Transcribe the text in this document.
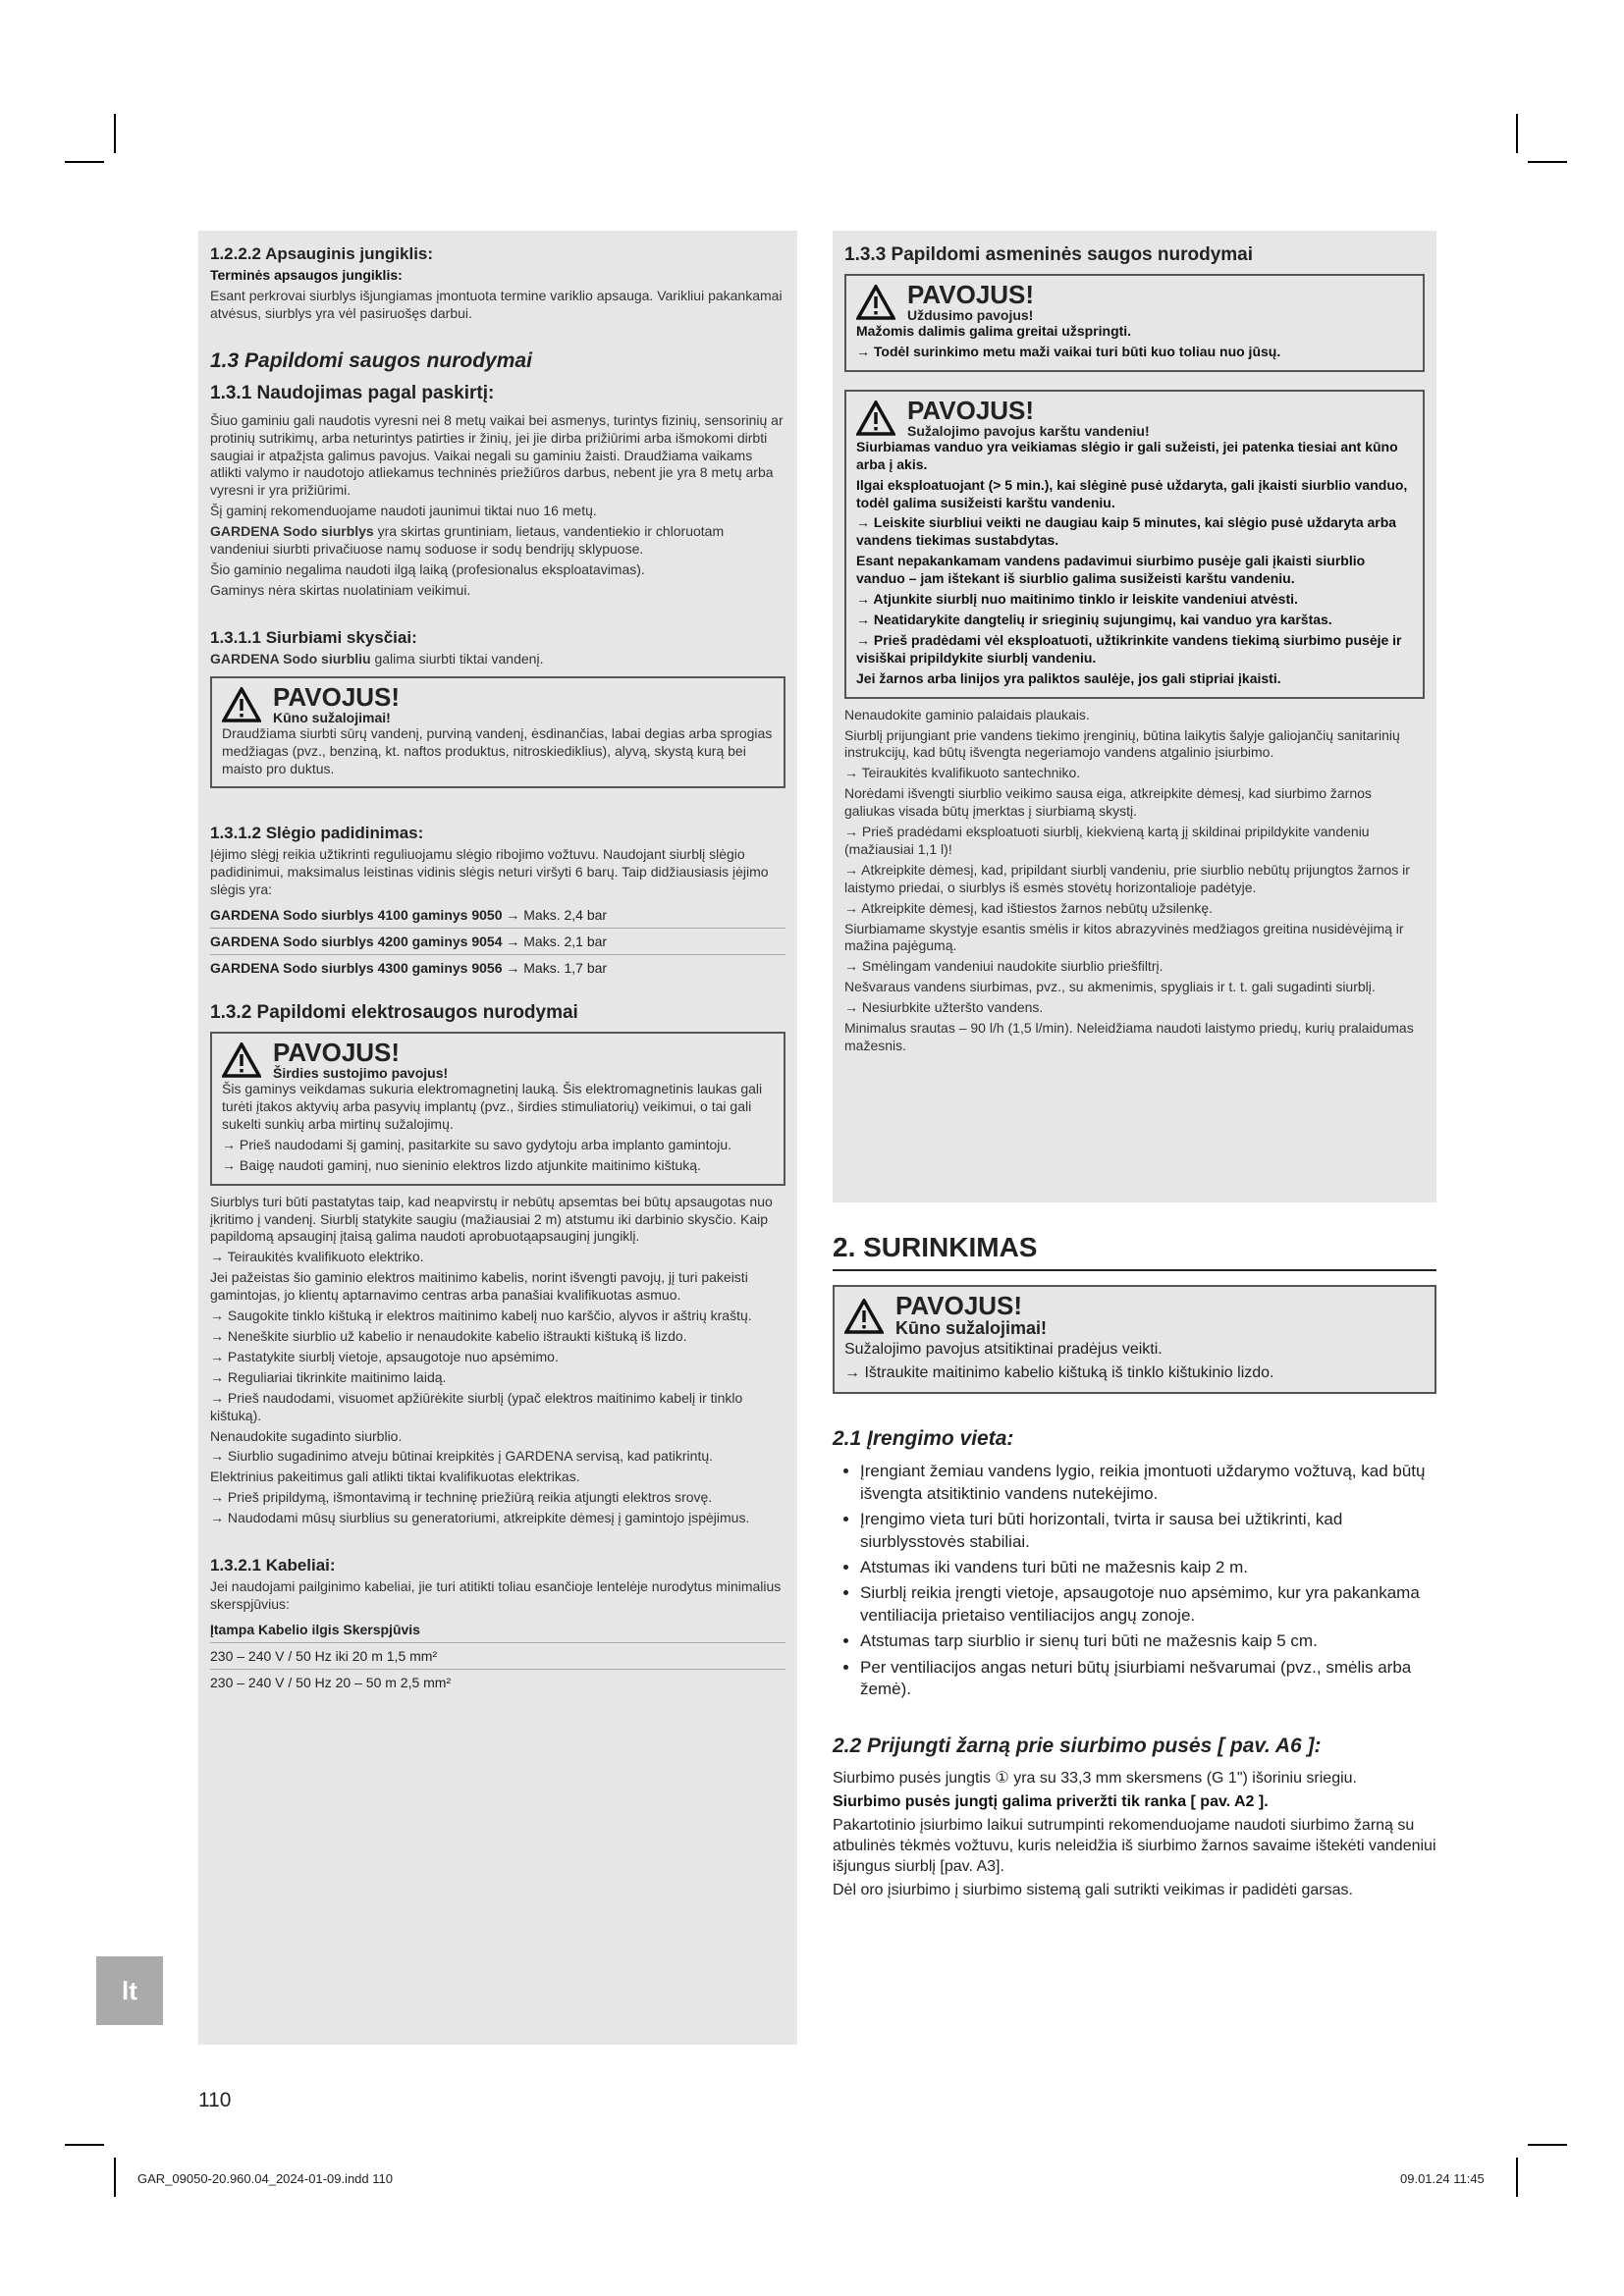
1.2.2.2 Apsauginis jungiklis:

Terminės apsaugos jungiklis:

Esant perkrovai siurblys išjungiamas įmontuota termine variklio apsauga. Varikliui pakankamai atvėsus, siurblys yra vėl pasiruošęs darbui.

1.3 Papildomi saugos nurodymai

1.3.1 Naudojimas pagal paskirtį:

Šiuo gaminiu gali naudotis vyresni nei 8 metų vaikai bei asmenys, turintys fizinių, sensorinių ar protinių sutrikimų, arba neturintys patirties ir žinių, jei jie dirba prižiūrimi arba išmokomi dirbti saugiai ir atpažįsta galimus pavojus. Vaikai negali su gaminiu žaisti. Draudžiama vaikams atlikti valymo ir naudotojo atliekamus techninės priežiūros darbus, nebent jie yra 8 metų arba vyresni ir yra prižiūrimi.

Šį gaminį rekomenduojame naudoti jaunimui tiktai nuo 16 metų.

GARDENA Sodo siurblys yra skirtas gruntiniam, lietaus, vandentiekio ir chloruotam vandeniui siurbti privačiuose namų soduose ir sodų bendrijų sklypuose.

Šio gaminio negalima naudoti ilgą laiką (profesionalus eksploatavimas).

Gaminys nėra skirtas nuolatiniam veikimui.

1.3.1.1 Siurbiami skysčiai:

GARDENA Sodo siurbliu galima siurbti tiktai vandenį.

PAVOJUS!
Kūno sužalojimai!

Draudžiama siurbti sūrų vandenį, purviną vandenį, ėsdinančias, labai degias arba sprogias medžiagas (pvz., benziną, kt. naftos produktus, nitroskiediklius), alyvą, skystą kurą bei maisto pro duktus.

1.3.1.2 Slėgio padidinimas:

Įėjimo slėgį reikia užtikrinti reguliuojamu slėgio ribojimo vožtuvu. Naudojant siurblį slėgio padidinimui, maksimalus leistinas vidinis slėgis neturi viršyti 6 barų. Taip didžiausiasis įėjimo slėgis yra:

GARDENA Sodo siurblys 4100 gaminys 9050 → Maks. 2,4 bar

GARDENA Sodo siurblys 4200 gaminys 9054 → Maks. 2,1 bar

GARDENA Sodo siurblys 4300 gaminys 9056 → Maks. 1,7 bar

1.3.2 Papildomi elektrosaugos nurodymai

PAVOJUS!
Širdies sustojimo pavojus!

Šis gaminys veikdamas sukuria elektromagnetinį lauką. Šis elektromagnetinis laukas gali turėti įtakos aktyvių arba pasyvių implantų (pvz., širdies stimuliatorių) veikimui, o tai gali sukelti sunkių arba mirtinų sužalojimų.

→ Prieš naudodami šį gaminį, pasitarkite su savo gydytoju arba implanto gamintoju.

→ Baigę naudoti gaminį, nuo sieninio elektros lizdo atjunkite maitinimo kištuką.

Siurblys turi būti pastatytas taip, kad neapvirstų ir nebūtų apsemtas bei būtų apsaugotas nuo įkritimo į vandenį. Siurblį statykite saugiu (mažiausiai 2 m) atstumu iki darbinio skysčio. Kaip papildomą apsauginį įtaisą galima naudoti aprobuotąapsauginį jungiklį.

→ Teiraukitės kvalifikuoto elektriko.

Jei pažeistas šio gaminio elektros maitinimo kabelis, norint išvengti pavojų, jį turi pakeisti gamintojas, jo klientų aptarnavimo centras arba panašiai kvalifikuotas asmuo.

→ Saugokite tinklo kištuką ir elektros maitinimo kabelį nuo karščio, alyvos ir aštrių kraštų.

→ Neneškite siurblio už kabelio ir nenaudokite kabelio ištraukti kištuką iš lizdo.

→ Pastatykite siurblį vietoje, apsaugotoje nuo apsėmimo.

→ Reguliariai tikrinkite maitinimo laidą.

→ Prieš naudodami, visuomet apžiūrėkite siurblį (ypač elektros maitinimo kabelį ir tinklo kištuką).

Nenaudokite sugadinto siurblio.

→ Siurblio sugadinimo atveju būtinai kreipkitės į GARDENA servisą, kad patikrintų.

Elektrinius pakeitimus gali atlikti tiktai kvalifikuotas elektrikas.

→ Prieš pripildymą, išmontavimą ir techninę priežiūrą reikia atjungti elektros srovę.

→ Naudodami mūsų siurblius su generatoriumi, atkreipkite dėmesį į gamintojo įspėjimus.

1.3.2.1 Kabeliai:

Jei naudojami pailginimo kabeliai, jie turi atitikti toliau esančioje lentelėje nurodytus minimalius skerspjūvius:

Įtampa Kabelio ilgis Skerspjūvis

230 – 240 V / 50 Hz iki 20 m 1,5 mm²

230 – 240 V / 50 Hz 20 – 50 m 2,5 mm²

1.3.3 Papildomi asmeninės saugos nurodymai

PAVOJUS!
Uždusimo pavojus!

Mažomis dalimis galima greitai užspringti.

→ Todėl surinkimo metu maži vaikai turi būti kuo toliau nuo jūsų.

PAVOJUS!
Sužalojimo pavojus karštu vandeniu!

Siurbiamas vanduo yra veikiamas slėgio ir gali sužeisti, jei patenka tiesiai ant kūno arba į akis.

Ilgai eksploatuojant (> 5 min.), kai slėginė pusė uždaryta, gali įkaisti siurblio vanduo, todėl galima susižeisti karštu vandeniu.

→ Leiskite siurbliui veikti ne daugiau kaip 5 minutes, kai slėgio pusė uždaryta arba vandens tiekimas sustabdytas.

Esant nepakankamam vandens padavimui siurbimo pusėje gali įkaisti siurblio vanduo – jam ištekant iš siurblio galima susižeisti karštu vandeniu.

→ Atjunkite siurblį nuo maitinimo tinklo ir leiskite vandeniui atvėsti.

→ Neatidarykite dangtelių ir srieginių sujungimų, kai vanduo yra karštas.

→ Prieš pradėdami vėl eksploatuoti, užtikrinkite vandens tiekimą siurbimo pusėje ir visiškai pripildykite siurblį vandeniu.

Jei žarnos arba linijos yra paliktos saulėje, jos gali stipriai įkaisti.

Nenaudokite gaminio palaidais plaukais.

Siurblį prijungiant prie vandens tiekimo įrenginių, būtina laikytis šalyje galiojančių sanitarinių instrukcijų, kad būtų išvengta negeriamojo vandens atgalinio įsiurbimo.

→ Teiraukitės kvalifikuoto santechniko.

Norėdami išvengti siurblio veikimo sausa eiga, atkreipkite dėmesį, kad siurbimo žarnos galiukas visada būtų įmerktas į siurbiamą skystį.

→ Prieš pradėdami eksploatuoti siurblį, kiekvieną kartą jį skildinai pripildykite vandeniu (mažiausiai 1,1 l)!

→ Atkreipkite dėmesį, kad, pripildant siurblį vandeniu, prie siurblio nebūtų prijungtos žarnos ir laistymo priedai, o siurblys iš esmės stovėtų horizontalioje padėtyje.

→ Atkreipkite dėmesį, kad ištiestos žarnos nebūtų užsilenkę.

Siurbiamame skystyje esantis smėlis ir kitos abrazyvinės medžiagos greitina nusidėvėjimą ir mažina pajėgumą.

→ Smėlingam vandeniui naudokite siurblio priešfiltrį.

Nešvaraus vandens siurbimas, pvz., su akmenimis, spygliais ir t. t. gali sugadinti siurblį.

→ Nesiurbkite užteršto vandens.

Minimalus srautas – 90 l/h (1,5 l/min). Neleidžiama naudoti laistymo priedų, kurių pralaidumas mažesnis.

2. SURINKIMAS

PAVOJUS!
Kūno sužalojimai!

Sužalojimo pavojus atsitiktinai pradėjus veikti.

→ Ištraukite maitinimo kabelio kištuką iš tinklo kištukinio lizdo.

2.1 Įrengimo vieta:

• Įrengiant žemiau vandens lygio, reikia įmontuoti uždarymo vožtuvą, kad būtų išvengta atsitiktinio vandens nutekėjimo.
• Įrengimo vieta turi būti horizontali, tvirta ir sausa bei užtikrinti, kad siurblysstovės stabiliai.
• Atstumas iki vandens turi būti ne mažesnis kaip 2 m.
• Siurblį reikia įrengti vietoje, apsaugotoje nuo apsėmimo, kur yra pakankama ventiliacija prietaiso ventiliacijos angų zonoje.
• Atstumas tarp siurblio ir sienų turi būti ne mažesnis kaip 5 cm.
• Per ventiliacijos angas neturi būtų įsiurbiami nešvarumai (pvz., smėlis arba žemė).

2.2 Prijungti žarną prie siurbimo pusės [ pav. A6 ]:

Siurbimo pusės jungtis ① yra su 33,3 mm skersmens (G 1") išoriniu sriegiu.

Siurbimo pusės jungtį galima priveržti tik ranka [ pav. A2 ].

Pakartotinio įsiurbimo laikui sutrumpinti rekomenduojame naudoti siurbimo žarną su atbulinės tėkmės vožtuvu, kuris neleidžia iš siurbimo žarnos savaime ištekėti vandeniui išjungus siurblį [pav. A3].

Dėl oro įsiurbimo į siurbimo sistemą gali sutrikti veikimas ir padidėti garsas.

lt
110
GAR_09050-20.960.04_2024-01-09.indd 110	09.01.24 11:45
